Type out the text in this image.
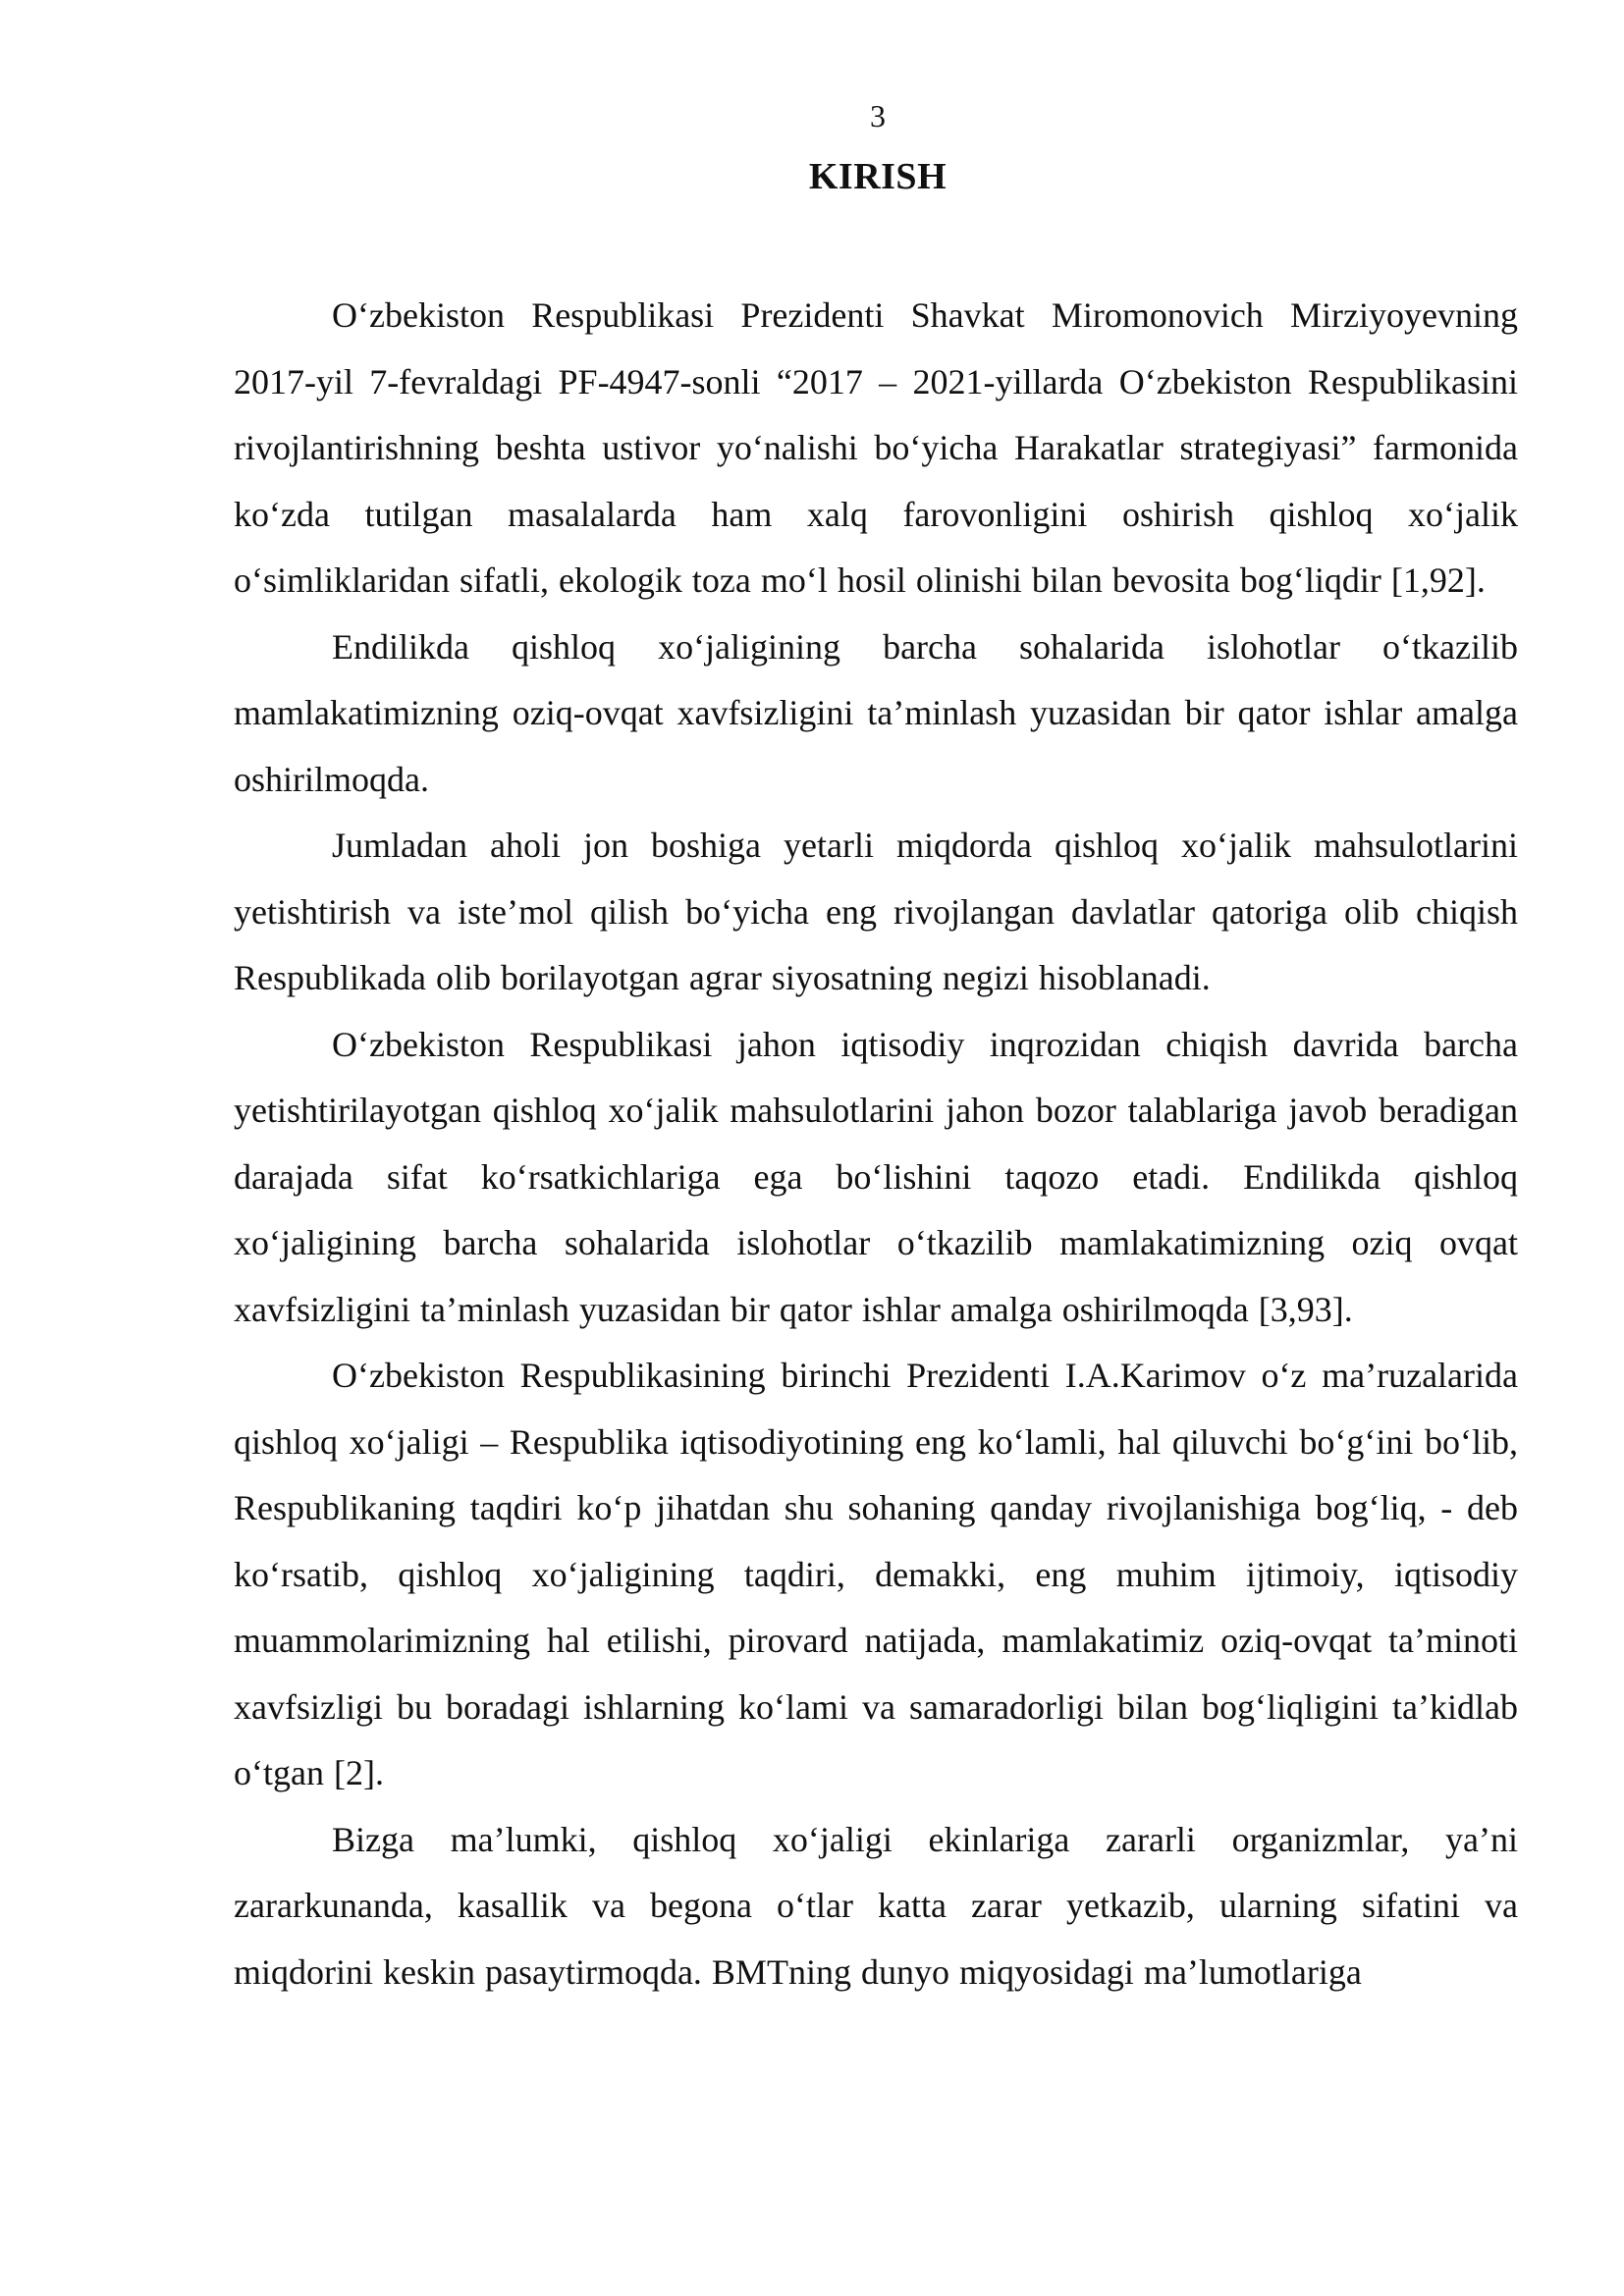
3
KIRISH

O‘zbekiston Respublikasi Prezidenti Shavkat Miromonovich Mirziyoyevning 2017-yil 7-fevraldagi PF-4947-sonli “2017 – 2021-yillarda O‘zbekiston Respublikasini rivojlantirishning beshta ustivor yo‘nalishi bo‘yicha Harakatlar strategiyasi” farmonida ko‘zda tutilgan masalalarda ham xalq farovonligini oshirish qishloq xo‘jalik o‘simliklaridan sifatli, ekologik toza mo‘l hosil olinishi bilan bevosita bog‘liqdir [1,92].

Endilikda qishloq xo‘jaligining barcha sohalarida islohotlar o‘tkazilib mamlakatimizning oziq-ovqat xavfsizligini ta’minlash yuzasidan bir qator ishlar amalga oshirilmoqda.

Jumladan aholi jon boshiga yetarli miqdorda qishloq xo‘jalik mahsulotlarini yetishtirish va iste’mol qilish bo‘yicha eng rivojlangan davlatlar qatoriga olib chiqish Respublikada olib borilayotgan agrar siyosatning negizi hisoblanadi.

O‘zbekiston Respublikasi jahon iqtisodiy inqrozidan chiqish davrida barcha yetishtirilayotgan qishloq xo‘jalik mahsulotlarini jahon bozor talablariga javob beradigan darajada sifat ko‘rsatkichlariga ega bo‘lishini taqozo etadi. Endilikda qishloq xo‘jaligining barcha sohalarida islohotlar o‘tkazilib mamlakatimizning oziq ovqat xavfsizligini ta’minlash yuzasidan bir qator ishlar amalga oshirilmoqda [3,93].

O‘zbekiston Respublikasining birinchi Prezidenti I.A.Karimov o‘z ma’ruzalarida qishloq xo‘jaligi – Respublika iqtisodiyotining eng ko‘lamli, hal qiluvchi bo‘g‘ini bo‘lib, Respublikaning taqdiri ko‘p jihatdan shu sohaning qanday rivojlanishiga bog‘liq, - deb ko‘rsatib, qishloq xo‘jaligining taqdiri, demakki, eng muhim ijtimoiy, iqtisodiy muammolarimizning hal etilishi, pirovard natijada, mamlakatimiz oziq-ovqat ta’minoti xavfsizligi bu boradagi ishlarning ko‘lami va samaradorligi bilan bog‘liqligini ta’kidlab o‘tgan [2].

Bizga ma’lumki, qishloq xo‘jaligi ekinlariga zararli organizmlar, ya’ni zararkunanda, kasallik va begona o‘tlar katta zarar yetkazib, ularning sifatini va miqdorini keskin pasaytirmoqda. BMTning dunyo miqyosidagi ma’lumotlariga
